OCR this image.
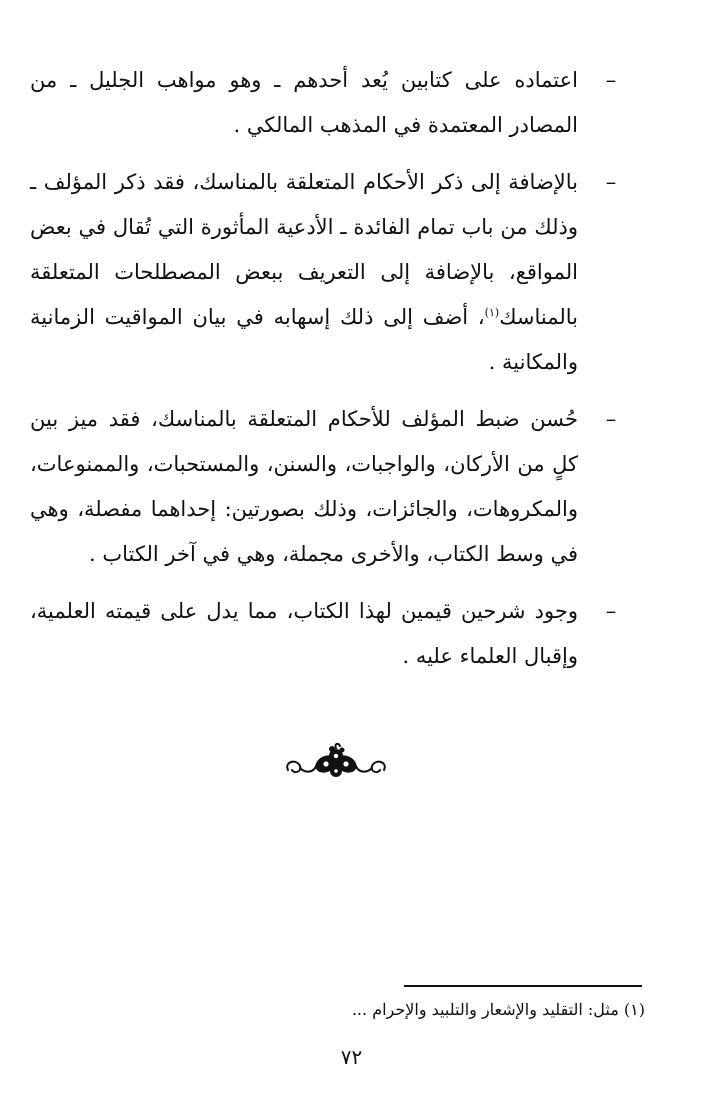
–
اعتماده على كتابين يُعد أحدهم ـ وهو مواهب الجليل ـ من المصادر المعتمدة في المذهب المالكي .
–
بالإضافة إلى ذكر الأحكام المتعلقة بالمناسك، فقد ذكر المؤلف ـ وذلك من باب تمام الفائدة ـ الأدعية المأثورة التي تُقال في بعض المواقع، بالإضافة إلى التعريف ببعض المصطلحات المتعلقة بالمناسك$^{(١)}$، أضف إلى ذلك إسهابه في بيان المواقيت الزمانية والمكانية .
–
حُسن ضبط المؤلف للأحكام المتعلقة بالمناسك، فقد ميز بين كلٍ من الأركان، والواجبات، والسنن، والمستحبات، والممنوعات، والمكروهات، والجائزات، وذلك بصورتين: إحداهما مفصلة، وهي في وسط الكتاب، والأخرى مجملة، وهي في آخر الكتاب .
–
وجود شرحين قيمين لهذا الكتاب، مما يدل على قيمته العلمية، وإقبال العلماء عليه .
(١) مثل: التقليد والإشعار والتلبيد والإحرام ...
٧٢
